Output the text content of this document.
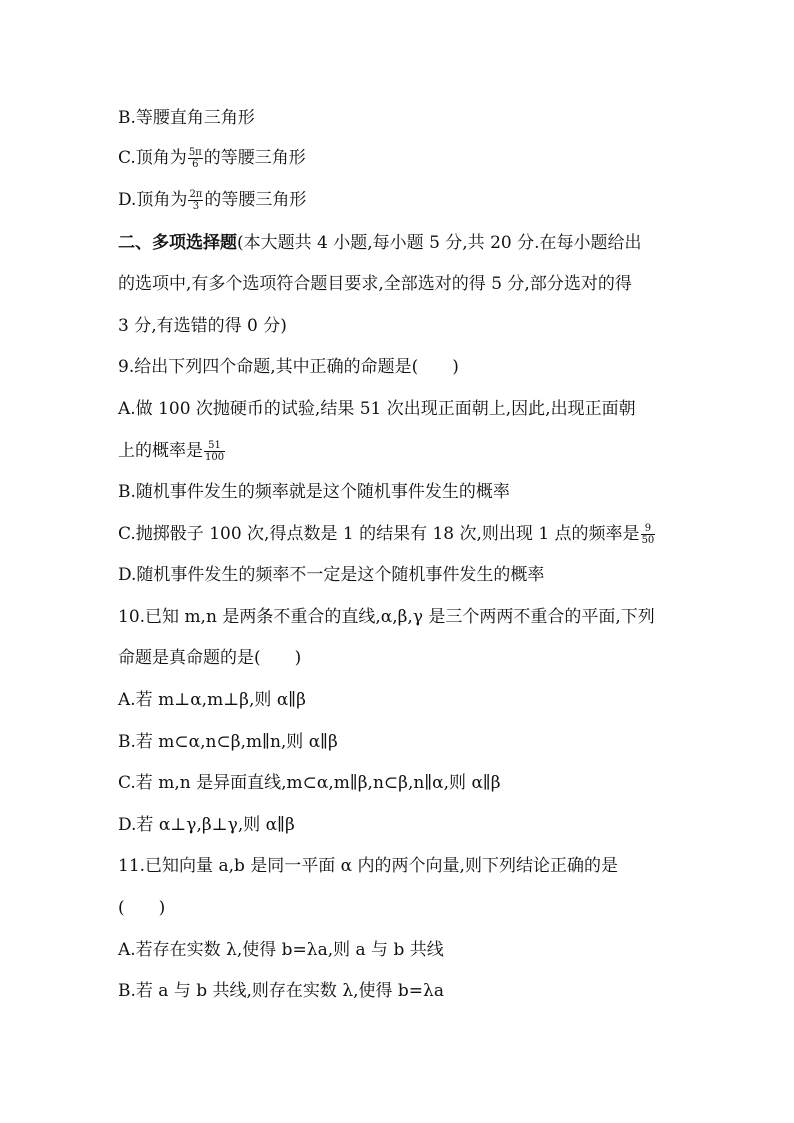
B.等腰直角三角形
C.顶角为 $\frac{5\pi}{6}$ 的等腰三角形
D.顶角为 $\frac{2\pi}{3}$ 的等腰三角形
二、多项选择题(本大题共 4 小题,每小题 5 分,共 20 分.在每小题给出
的选项中,有多个选项符合题目要求,全部选对的得 5 分,部分选对的得
3 分,有选错的得 0 分)
9.给出下列四个命题,其中正确的命题是(　　)
A.做 100 次抛硬币的试验,结果 51 次出现正面朝上,因此,出现正面朝
上的概率是 $\frac{51}{100}$
B.随机事件发生的频率就是这个随机事件发生的概率
C.抛掷骰子 100 次,得点数是 1 的结果有 18 次,则出现 1 点的频率是 $\frac{9}{50}$
D.随机事件发生的频率不一定是这个随机事件发生的概率
10.已知 m,n 是两条不重合的直线,α,β,γ 是三个两两不重合的平面,下列
命题是真命题的是(　　)
A.若 m⊥α,m⊥β,则 α∥β
B.若 m⊂α,n⊂β,m∥n,则 α∥β
C.若 m,n 是异面直线,m⊂α,m∥β,n⊂β,n∥α,则 α∥β
D.若 α⊥γ,β⊥γ,则 α∥β
11.已知向量 a,b 是同一平面 α 内的两个向量,则下列结论正确的是
(　　)
A.若存在实数 λ,使得 b=λa,则 a 与 b 共线
B.若 a 与 b 共线,则存在实数 λ,使得 b=λa
